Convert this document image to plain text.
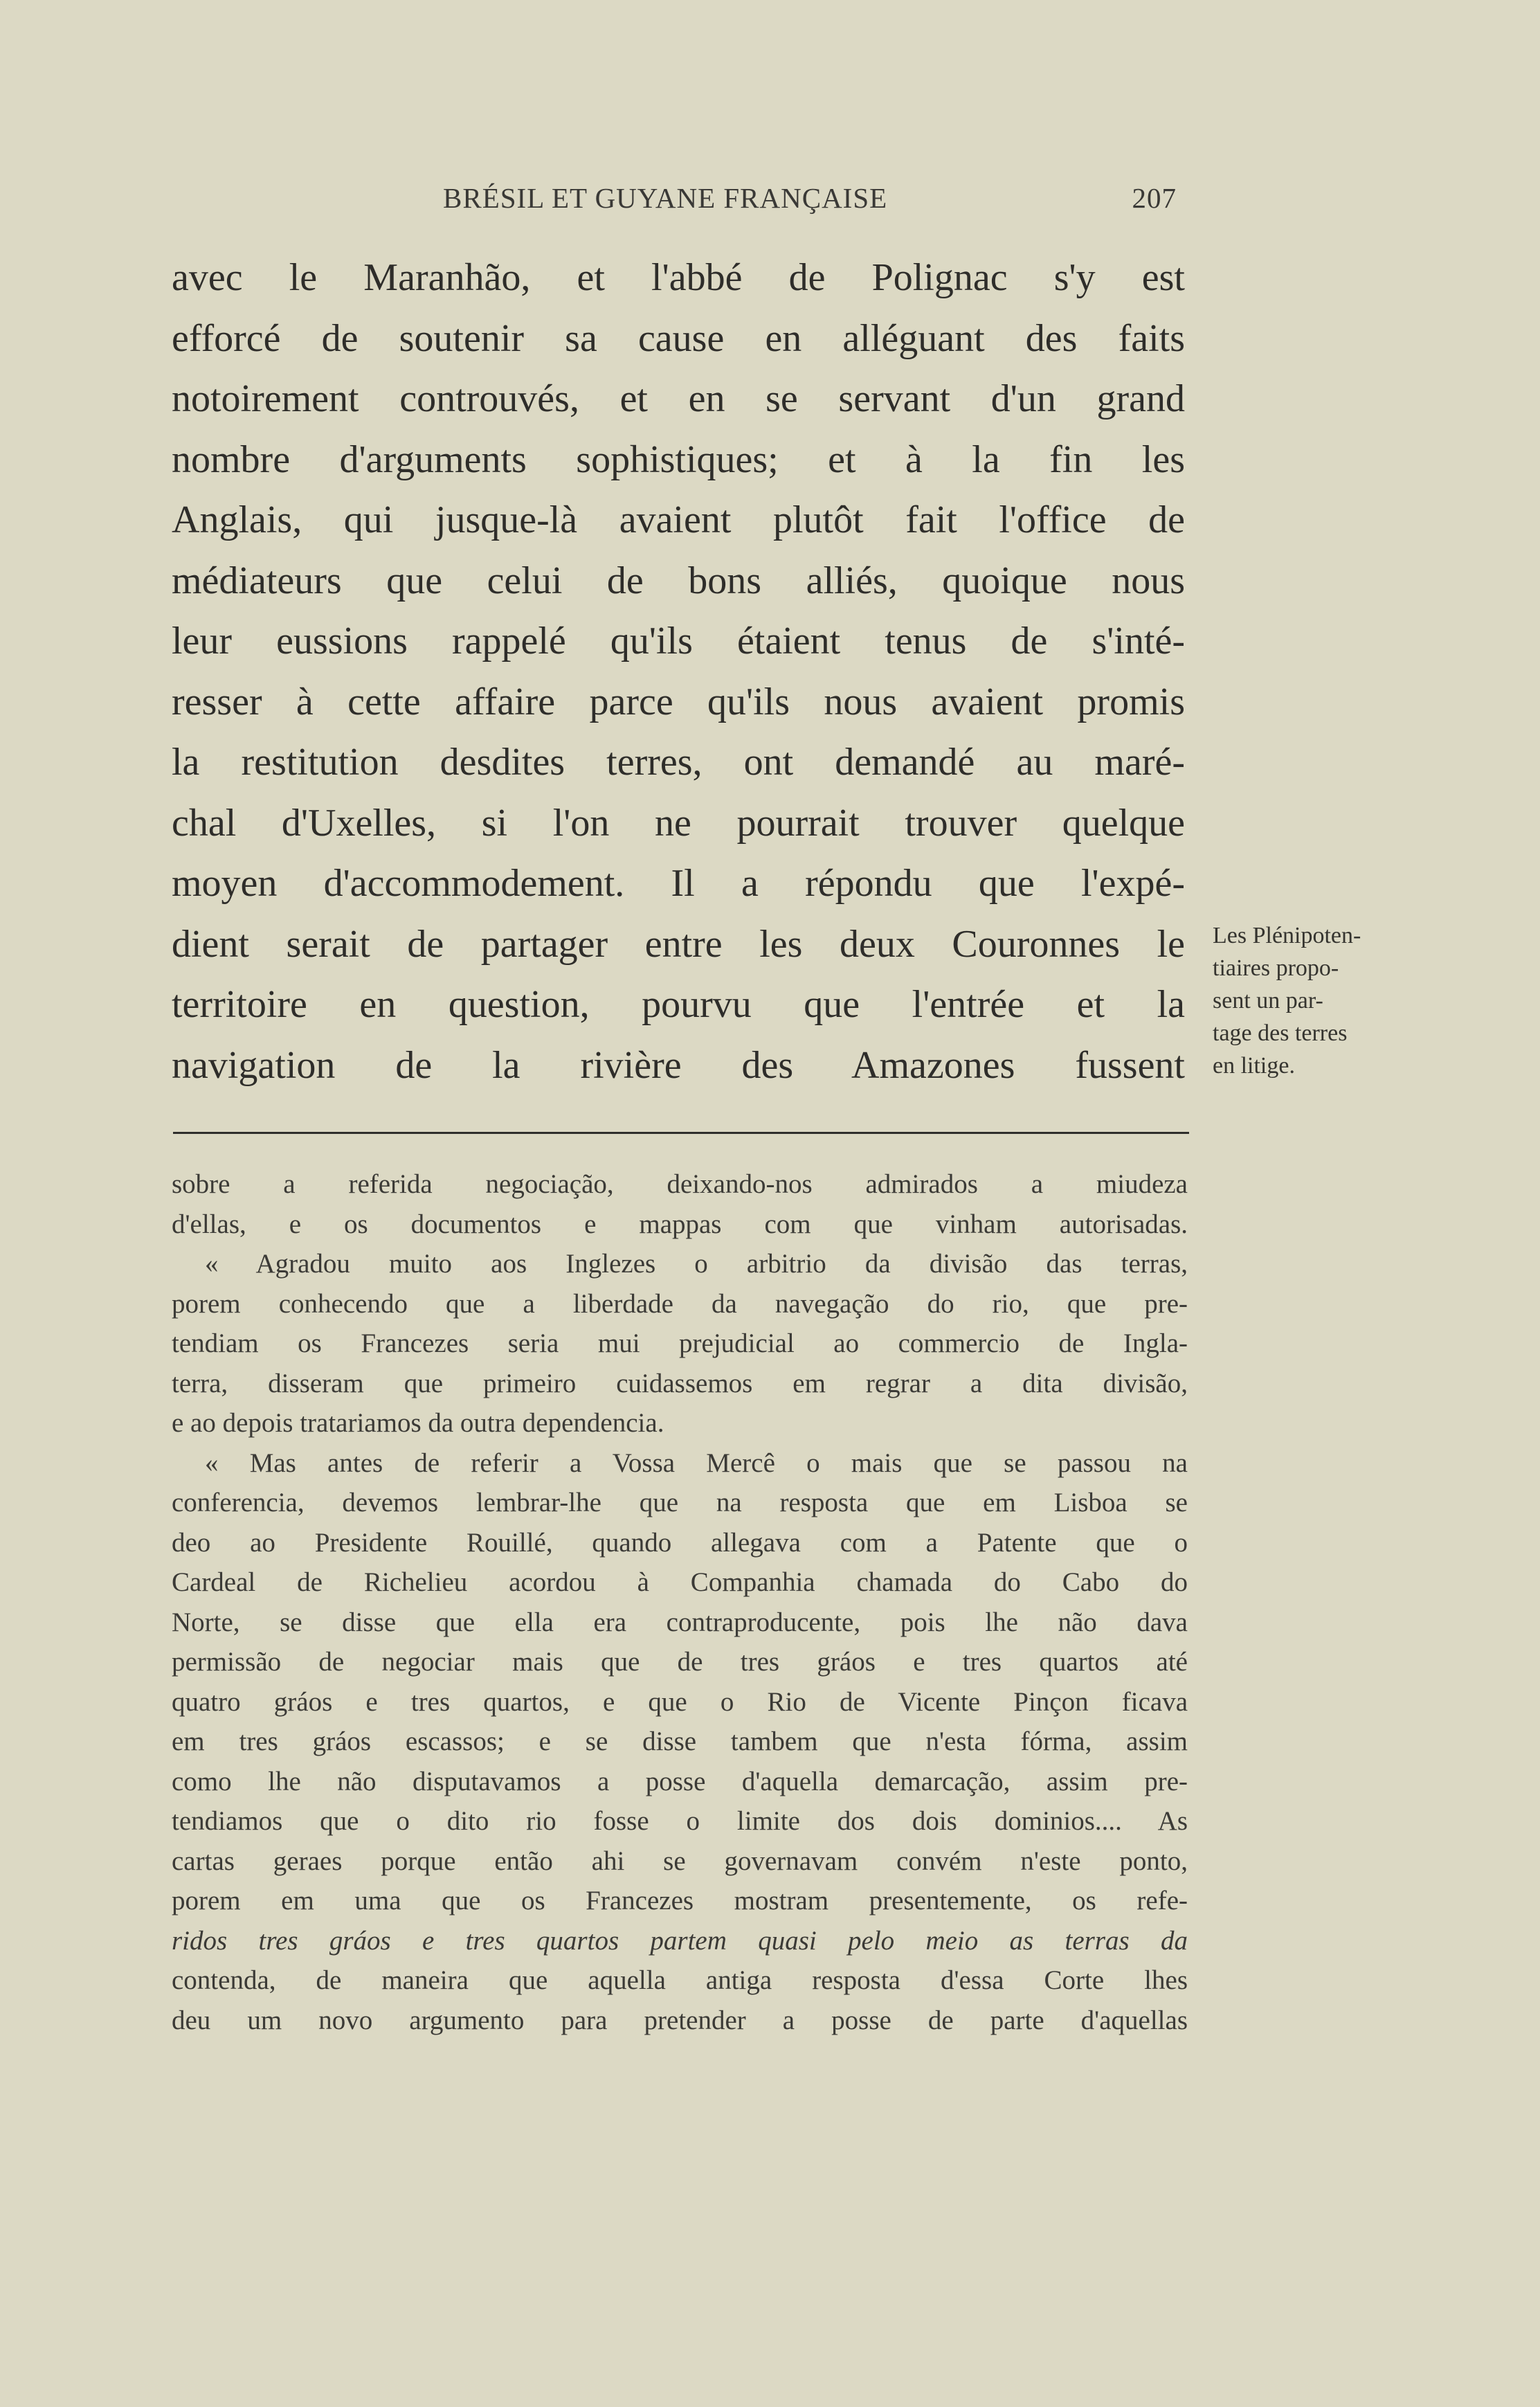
BRÉSIL ET GUYANE FRANÇAISE	207
avec le Maranhão, et l'abbé de Polignac s'y est
efforcé de soutenir sa cause en alléguant des faits
notoirement controuvés, et en se servant d'un grand
nombre d'arguments sophistiques; et à la fin les
Anglais, qui jusque-là avaient plutôt fait l'office de
médiateurs que celui de bons alliés, quoique nous
leur eussions rappelé qu'ils étaient tenus de s'inté-
resser à cette affaire parce qu'ils nous avaient promis
la restitution desdites terres, ont demandé au maré-
chal d'Uxelles, si l'on ne pourrait trouver quelque
moyen d'accommodement. Il a répondu que l'expé-
dient serait de partager entre les deux Couronnes le
territoire en question, pourvu que l'entrée et la
navigation de la rivière des Amazones fussent
Les Plénipoten-
tiaires propo-
sent un par-
tage des terres
en litige.
sobre a referida negociação, deixando-nos admirados a miudeza
d'ellas, e os documentos e mappas com que vinham autorisadas.
« Agradou muito aos Inglezes o arbitrio da divisão das terras,
porem conhecendo que a liberdade da navegação do rio, que pre-
tendiam os Francezes seria mui prejudicial ao commercio de Ingla-
terra, disseram que primeiro cuidassemos em regrar a dita divisão,
e ao depois tratariamos da outra dependencia.
« Mas antes de referir a Vossa Mercê o mais que se passou na
conferencia, devemos lembrar-lhe que na resposta que em Lisboa se
deo ao Presidente Rouillé, quando allegava com a Patente que o
Cardeal de Richelieu acordou à Companhia chamada do Cabo do
Norte, se disse que ella era contraproducente, pois lhe não dava
permissão de negociar mais que de tres gráos e tres quartos até
quatro gráos e tres quartos, e que o Rio de Vicente Pinçon ficava
em tres gráos escassos; e se disse tambem que n'esta fórma, assim
como lhe não disputavamos a posse d'aquella demarcação, assim pre-
tendiamos que o dito rio fosse o limite dos dois dominios.... As
cartas geraes porque então ahi se governavam convém n'este ponto,
porem em uma que os Francezes mostram presentemente, os refe-
ridos tres gráos e tres quartos partem quasi pelo meio as terras da
contenda, de maneira que aquella antiga resposta d'essa Corte lhes
deu um novo argumento para pretender a posse de parte d'aquellas
